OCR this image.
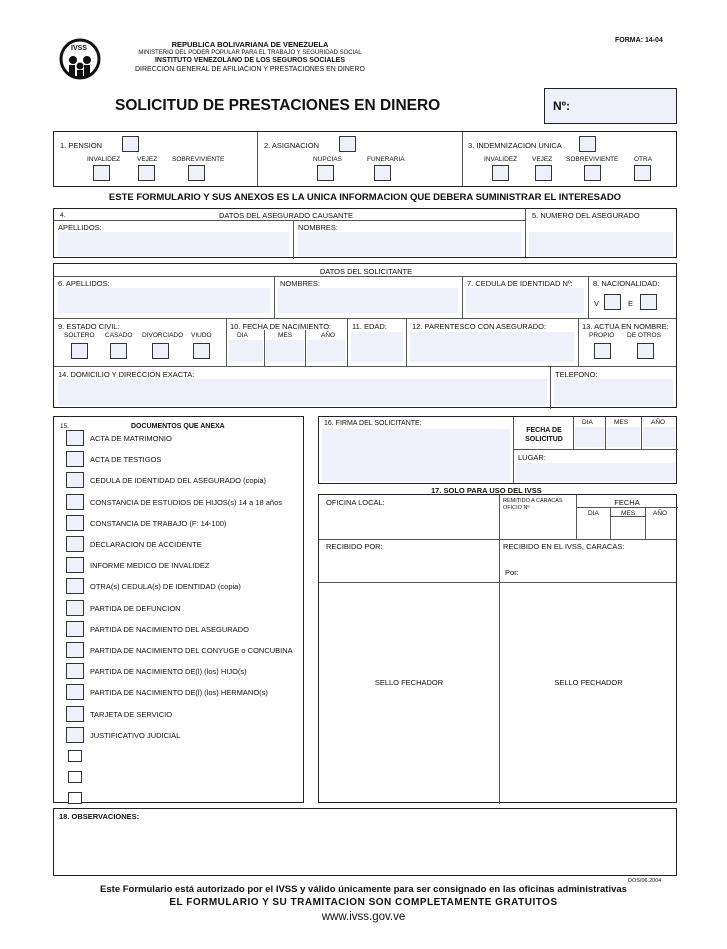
IVSS	REPUBLICA BOLIVARIANA DE VENEZUELA
MINISTERIO DEL PODER POPULAR PARA EL TRABAJO Y SEGURIDAD SOCIAL
INSTITUTO VENEZOLANO DE LOS SEGUROS SOCIALES
DIRECCION GENERAL DE AFILIACION Y PRESTACIONES EN DINERO
FORMA: 14-04
SOLICITUD DE PRESTACIONES EN DINERO	Nº:
1. PENSION
INVALIDEZ	VEJEZ SOBREVIVIENTE
2. ASIGNACION
NUPCIAS	FUNERARIA
3. INDEMNIZACION UNICA
INVALIDEZ VEJEZ SOBREVIVIENTE OTRA
ESTE FORMULARIO Y SUS ANEXOS ES LA UNICA INFORMACION QUE DEBERA SUMINISTRAR EL INTERESADO
4.	DATOS DEL ASEGURADO CAUSANTE
APELLIDOS:	NOMBRES:
5. NUMERO DEL ASEGURADO
DATOS DEL SOLICITANTE
6. APELLIDOS:	NOMBRES:	7. CEDULA DE IDENTIDAD Nº:	8. NACIONALIDAD:
V	E
9. ESTADO CIVIL:
SOLTERO CASADO DIVORCIADO VIUDO
10. FECHA DE NACIMIENTO:
DIA	MES	AÑO
11. EDAD:	12. PARENTESCO CON ASEGURADO:	13. ACTUA EN NOMBRE:
PROPIO DE OTROS
14. DOMICILIO Y DIRECCION EXACTA:	TELEFONO:
15.	DOCUMENTOS QUE ANEXA
ACTA DE MATRIMONIO
ACTA DE TESTIGOS
CEDULA DE IDENTIDAD DEL ASEGURADO (copia)
CONSTANCIA DE ESTUDIOS DE HIJOS(s) 14 a 18 años
CONSTANCIA DE TRABAJO (F: 14-100)
DECLARACION DE ACCIDENTE
INFORME MEDICO DE INVALIDEZ
OTRA(s) CEDULA(s) DE IDENTIDAD (copia)
PARTIDA DE DEFUNCION
PARTIDA DE NACIMIENTO DEL ASEGURADO
PARTIDA DE NACIMIENTO DEL CONYUGE o CONCUBINA
PARTIDA DE NACIMIENTO DE(l) (los) HIJO(s)
PARTIDA DE NACIMIENTO DE(l) (los) HERMANO(s)
TARJETA DE SERVICIO
JUSTIFICATIVO JUDICIAL
16. FIRMA DEL SOLICITANTE:
FECHA DE SOLICITUD
DIA	MES	AÑO
LUGAR:
17. SOLO PARA USO DEL IVSS
OFICINA LOCAL:	REMITIDO A CARACAS OFICIO Nº
FECHA
DIA	MES	AÑO
RECIBIDO POR:	RECIBIDO EN EL IVSS, CARACAS:
Por:
SELLO FECHADOR	SELLO FECHADOR
18. OBSERVACIONES:
DOS/06.2004
Este Formulario está autorizado por el IVSS y válido únicamente para ser consignado en las oficinas administrativas
EL FORMULARIO Y SU TRAMITACION SON COMPLETAMENTE GRATUITOS
www.ivss.gov.ve
